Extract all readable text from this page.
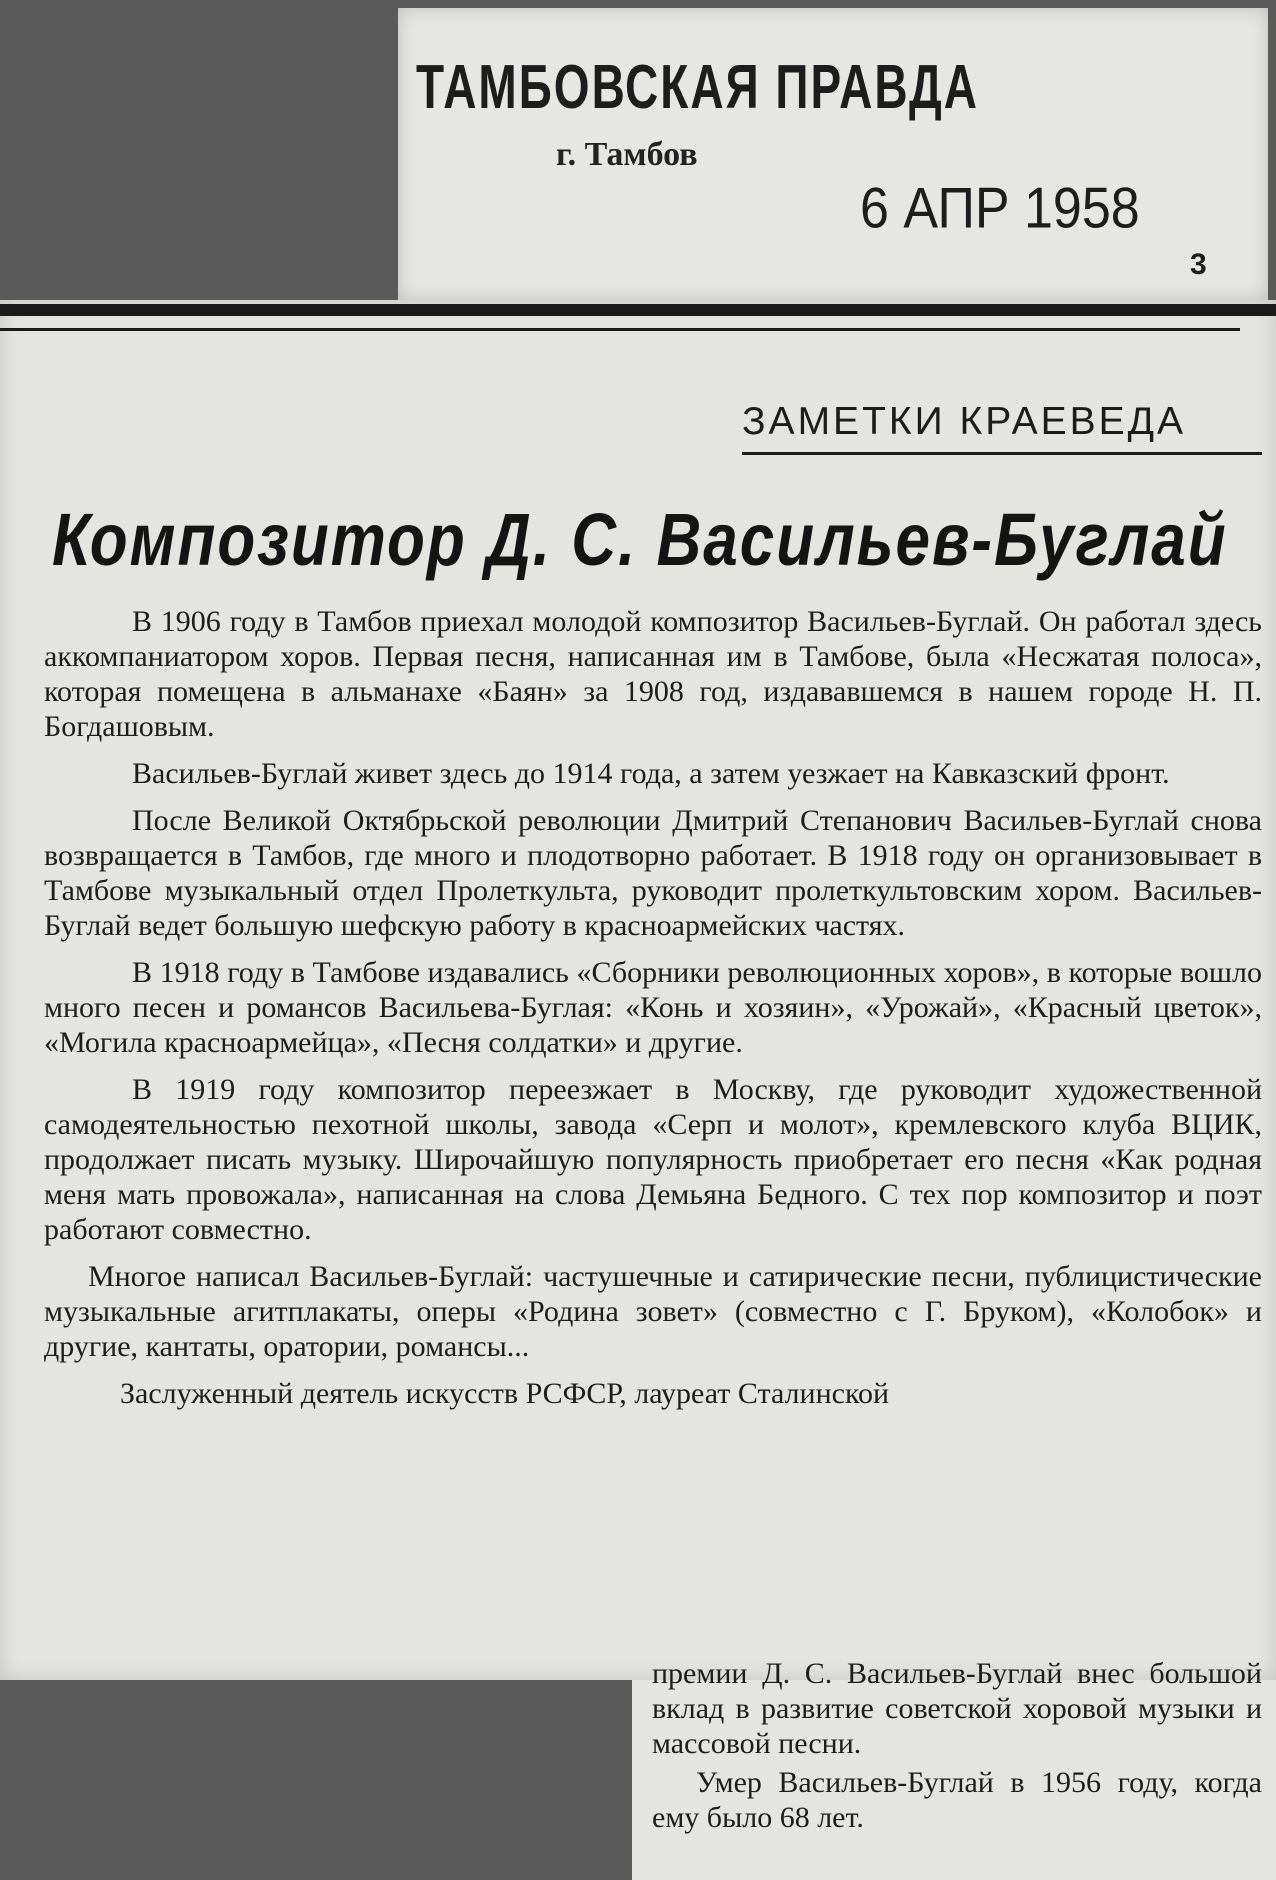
ТАМБОВСКАЯ ПРАВДА
г. Тамбов
6 АПР 1958
3
ЗАМЕТКИ КРАЕВЕДА
Композитор Д. С. Васильев-Буглай

В 1906 году в Тамбов приехал молодой композитор Васильев-Буглай. Он работал здесь аккомпаниатором хоров. Первая песня, написанная им в Тамбове, была «Несжатая полоса», которая помещена в альманахе «Баян» за 1908 год, издававшемся в нашем городе Н. П. Богдашовым.

Васильев-Буглай живет здесь до 1914 года, а затем уезжает на Кавказский фронт.

После Великой Октябрьской революции Дмитрий Степанович Васильев-Буглай снова возвращается в Тамбов, где много и плодотворно работает. В 1918 году он организовывает в Тамбове музыкальный отдел Пролеткульта, руководит пролеткультовским хором. Васильев-Буглай ведет большую шефскую работу в красноармейских частях.

В 1918 году в Тамбове издавались «Сборники революционных хоров», в которые вошло много песен и романсов Васильева-Буглая: «Конь и хозяин», «Урожай», «Красный цветок», «Могила красноармейца», «Песня солдатки» и другие.

В 1919 году композитор переезжает в Москву, где руководит художественной самодеятельностью пехотной школы, завода «Серп и молот», кремлевского клуба ВЦИК, продолжает писать музыку. Широчайшую популярность приобретает его песня «Как родная меня мать провожала», написанная на слова Демьяна Бедного. С тех пор композитор и поэт работают совместно.

Многое написал Васильев-Буглай: частушечные и сатирические песни, публицистические музыкальные агитплакаты, оперы «Родина зовет» (совместно с Г. Бруком), «Колобок» и другие, кантаты, оратории, романсы...

Заслуженный деятель искусств РСФСР, лауреат Сталинской

премии Д. С. Васильев-Буглай внес большой вклад в развитие советской хоровой музыки и массовой песни.

Умер Васильев-Буглай в 1956 году, когда ему было 68 лет.
